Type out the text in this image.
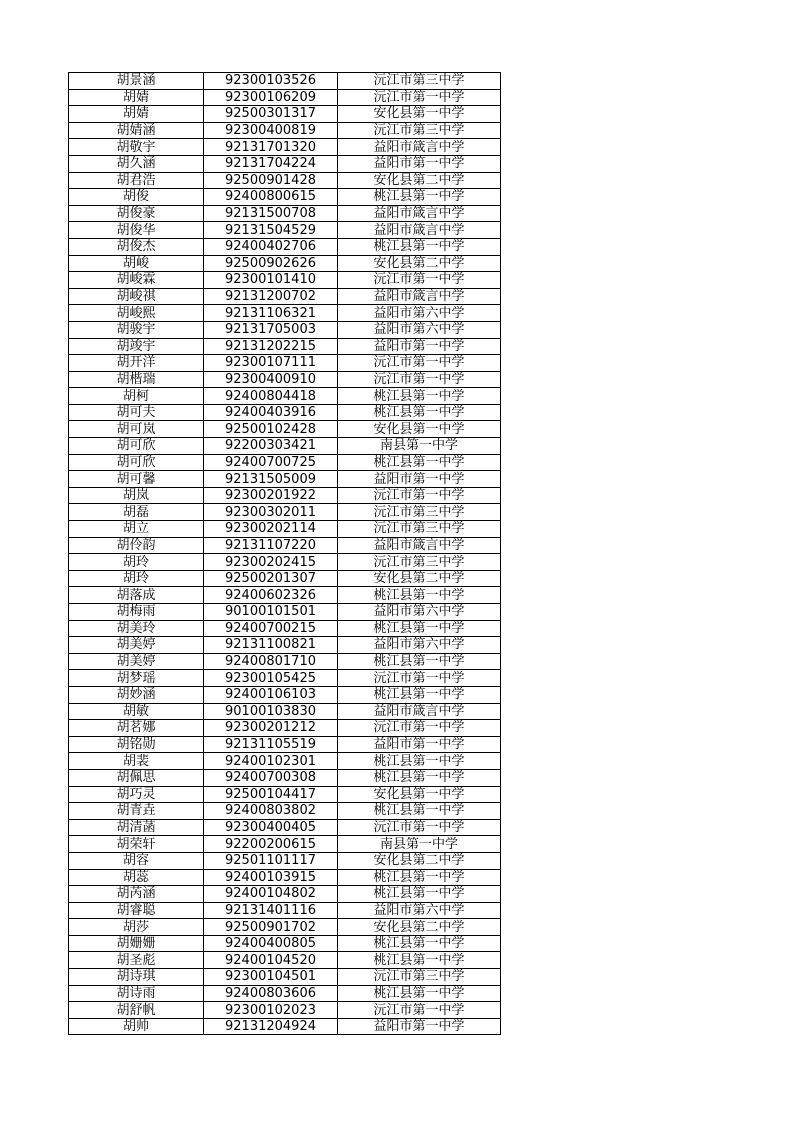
胡景涵	92300103526	沅江市第三中学
胡婧	92300106209	沅江市第一中学
胡婧	92500301317	安化县第一中学
胡婧涵	92300400819	沅江市第三中学
胡敬宇	92131701320	益阳市箴言中学
胡久涵	92131704224	益阳市第一中学
胡君浩	92500901428	安化县第二中学
胡俊	92400800615	桃江县第一中学
胡俊豪	92131500708	益阳市箴言中学
胡俊华	92131504529	益阳市箴言中学
胡俊杰	92400402706	桃江县第一中学
胡峻	92500902626	安化县第二中学
胡峻霖	92300101410	沅江市第一中学
胡峻祺	92131200702	益阳市箴言中学
胡峻熙	92131106321	益阳市第六中学
胡骏宇	92131705003	益阳市第六中学
胡竣宇	92131202215	益阳市第一中学
胡开洋	92300107111	沅江市第一中学
胡楷瑞	92300400910	沅江市第一中学
胡柯	92400804418	桃江县第一中学
胡可夫	92400403916	桃江县第一中学
胡可岚	92500102428	安化县第一中学
胡可欣	92200303421	南县第一中学
胡可欣	92400700725	桃江县第一中学
胡可馨	92131505009	益阳市第一中学
胡岚	92300201922	沅江市第一中学
胡磊	92300302011	沅江市第三中学
胡立	92300202114	沅江市第三中学
胡伶韵	92131107220	益阳市箴言中学
胡玲	92300202415	沅江市第三中学
胡玲	92500201307	安化县第二中学
胡落成	92400602326	桃江县第一中学
胡梅雨	90100101501	益阳市第六中学
胡美玲	92400700215	桃江县第一中学
胡美婷	92131100821	益阳市第六中学
胡美婷	92400801710	桃江县第一中学
胡梦瑶	92300105425	沅江市第一中学
胡妙涵	92400106103	桃江县第一中学
胡敏	90100103830	益阳市箴言中学
胡茗娜	92300201212	沅江市第一中学
胡铭勋	92131105519	益阳市第一中学
胡裴	92400102301	桃江县第一中学
胡佩思	92400700308	桃江县第一中学
胡巧灵	92500104417	安化县第一中学
胡青垚	92400803802	桃江县第一中学
胡清菡	92300400405	沅江市第一中学
胡荣轩	92200200615	南县第一中学
胡容	92501101117	安化县第二中学
胡蕊	92400103915	桃江县第一中学
胡芮涵	92400104802	桃江县第一中学
胡睿聪	92131401116	益阳市第六中学
胡莎	92500901702	安化县第二中学
胡姗姗	92400400805	桃江县第一中学
胡圣彪	92400104520	桃江县第一中学
胡诗琪	92300104501	沅江市第三中学
胡诗雨	92400803606	桃江县第一中学
胡舒帆	92300102023	沅江市第一中学
胡帅	92131204924	益阳市第一中学
